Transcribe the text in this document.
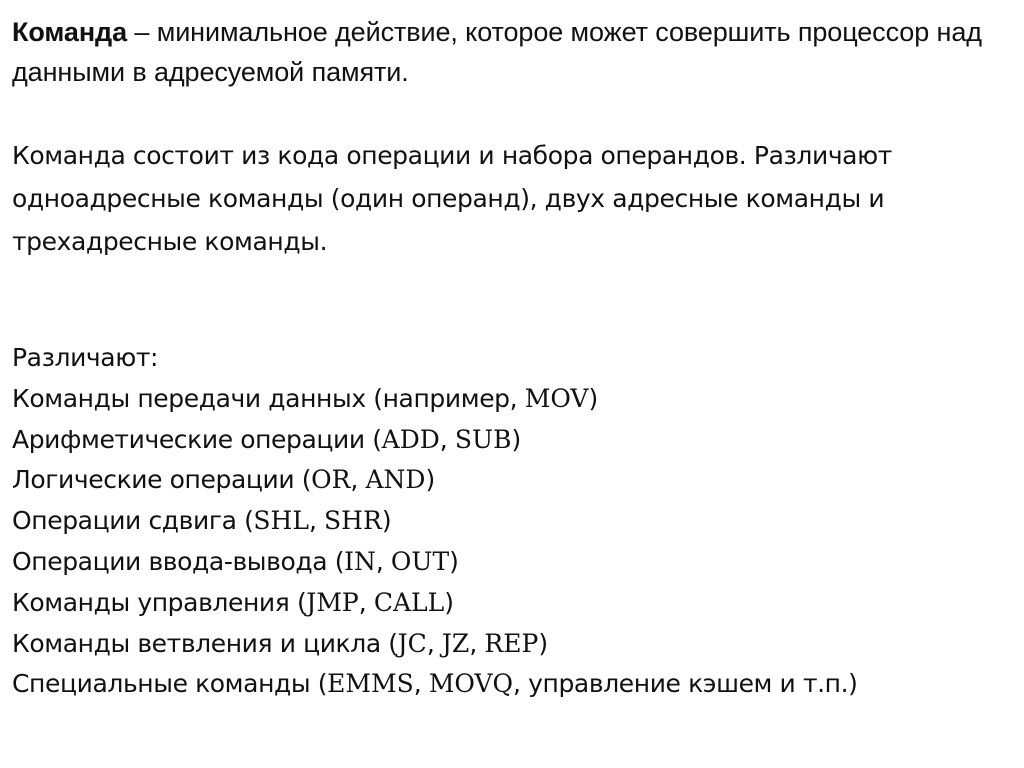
Команда – минимальное действие, которое может совершить процессор над данными в адресуемой памяти.

Команда состоит из кода операции и набора операндов. Различают одноадресные команды (один операнд), двух адресные команды и трехадресные команды.

Различают:
Команды передачи данных (например, MOV)
Арифметические операции (ADD, SUB)
Логические операции (OR, AND)
Операции сдвига (SHL, SHR)
Операции ввода-вывода (IN, OUT)
Команды управления (JMP, CALL)
Команды ветвления и цикла (JC, JZ, REP)
Специальные команды (EMMS, MOVQ, управление кэшем и т.п.)
